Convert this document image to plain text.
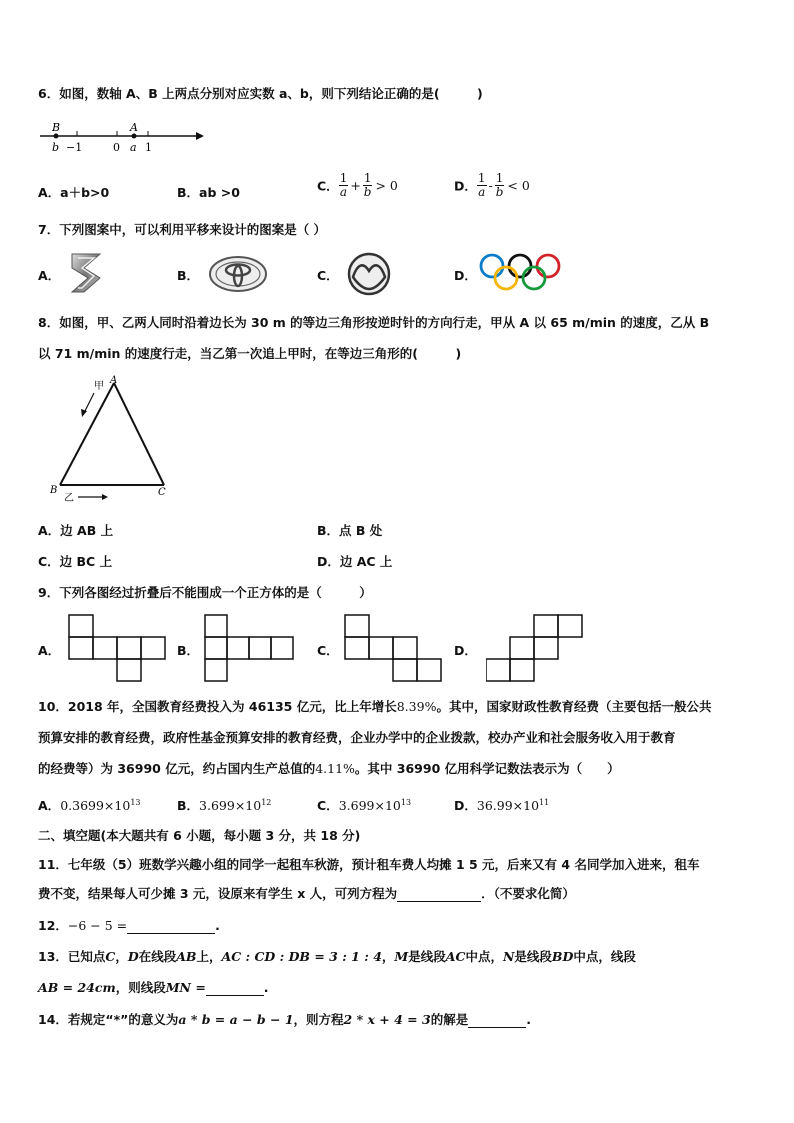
6．如图，数轴 A、B 上两点分别对应实数 a、b，则下列结论正确的是(　　　)
B	A
b −1	0 a 1
A．a＋b>0	B．ab >0	C． $\frac{1}{a} + \frac{1}{b} > 0$	D． $\frac{1}{a} - \frac{1}{b} < 0$
7．下列图案中，可以利用平移来设计的图案是（ ）
A．	B．	C．	D．
8．如图，甲、乙两人同时沿着边长为 30 m 的等边三角形按逆时针的方向行走，甲从 A 以 65 m/min 的速度，乙从 B
以 71 m/min 的速度行走，当乙第一次追上甲时，在等边三角形的(　　　)
甲
A
B	C
乙
A．边 AB 上	B．点 B 处
C．边 BC 上	D．边 AC 上
9．下列各图经过折叠后不能围成一个正方体的是（　　　）
A．	B．	C．	D．
10．2018 年，全国教育经费投入为 46135 亿元，比上年增长8.39%。其中，国家财政性教育经费（主要包括一般公共
预算安排的教育经费，政府性基金预算安排的教育经费，企业办学中的企业拨款，校办产业和社会服务收入用于教育
的经费等）为 36990 亿元，约占国内生产总值的4.11%。其中 36990 亿用科学记数法表示为（　　）
A．$0.3699\times 10^{13}$	B．$3.699\times 10^{12}$	C．$3.699\times 10^{13}$	D．$36.99\times 10^{11}$
二、填空题(本大题共有 6 小题，每小题 3 分，共 18 分)
11．七年级（5）班数学兴趣小组的同学一起租车秋游，预计租车费人均摊 1 5 元，后来又有 4 名同学加入进来，租车
费不变，结果每人可少摊 3 元，设原来有学生 x 人，可列方程为	．（不要求化简）
12．−6 − 5 =	.
13．已知点C，D在线段AB上，AC : CD : DB = 3 : 1 : 4，M是线段AC中点，N是线段BD中点，线段
AB = 24cm，则线段MN =	.
14．若规定“*”的意义为a * b = a − b − 1，则方程2 * x + 4 = 3的解是	.
